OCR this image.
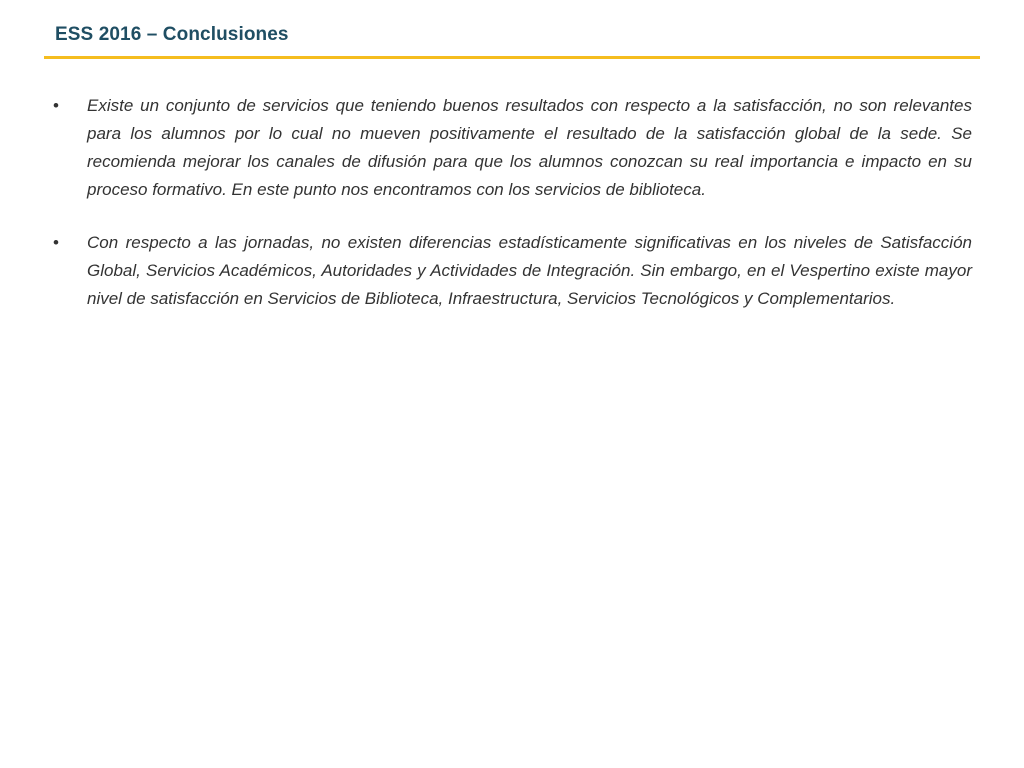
ESS 2016 – Conclusiones
• Existe un conjunto de servicios que teniendo buenos resultados con respecto a la satisfacción, no son relevantes para los alumnos por lo cual no mueven positivamente el resultado de la satisfacción global de la sede. Se recomienda mejorar los canales de difusión para que los alumnos conozcan su real importancia e impacto en su proceso formativo. En este punto nos encontramos con los servicios de biblioteca.
• Con respecto a las jornadas, no existen diferencias estadísticamente significativas en los niveles de Satisfacción Global, Servicios Académicos, Autoridades y Actividades de Integración. Sin embargo, en el Vespertino existe mayor nivel de satisfacción en Servicios de Biblioteca, Infraestructura, Servicios Tecnológicos y Complementarios.
